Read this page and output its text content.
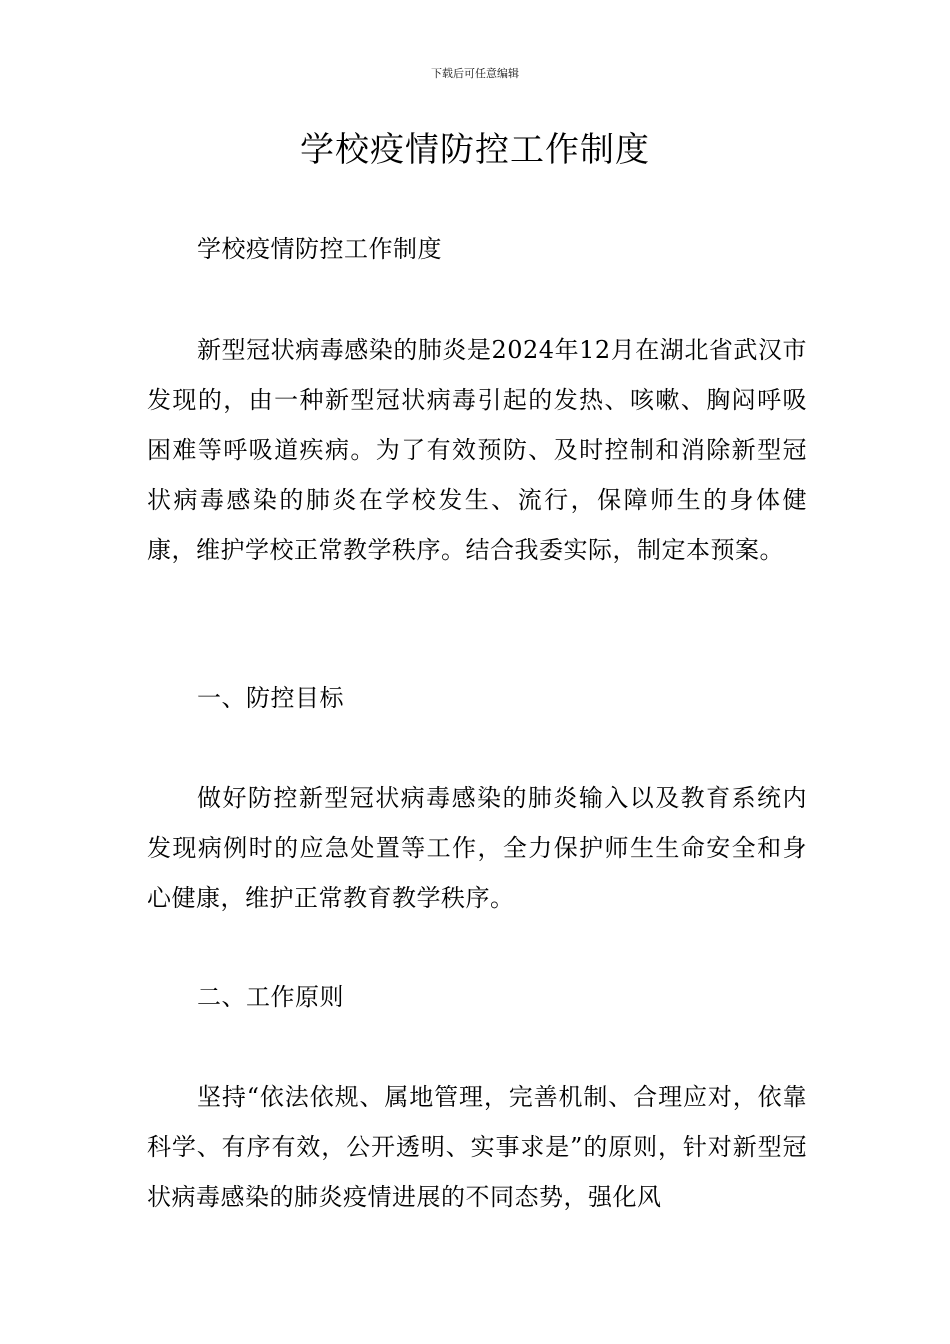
下载后可任意编辑
学校疫情防控工作制度

学校疫情防控工作制度

新型冠状病毒感染的肺炎是2024年12月在湖北省武汉市发现的，由一种新型冠状病毒引起的发热、咳嗽、胸闷呼吸困难等呼吸道疾病。为了有效预防、及时控制和消除新型冠状病毒感染的肺炎在学校发生、流行，保障师生的身体健康，维护学校正常教学秩序。结合我委实际，制定本预案。

一、防控目标

做好防控新型冠状病毒感染的肺炎输入以及教育系统内发现病例时的应急处置等工作，全力保护师生生命安全和身心健康，维护正常教育教学秩序。

二、工作原则

坚持“依法依规、属地管理，完善机制、合理应对，依靠科学、有序有效，公开透明、实事求是”的原则，针对新型冠状病毒感染的肺炎疫情进展的不同态势，强化风
